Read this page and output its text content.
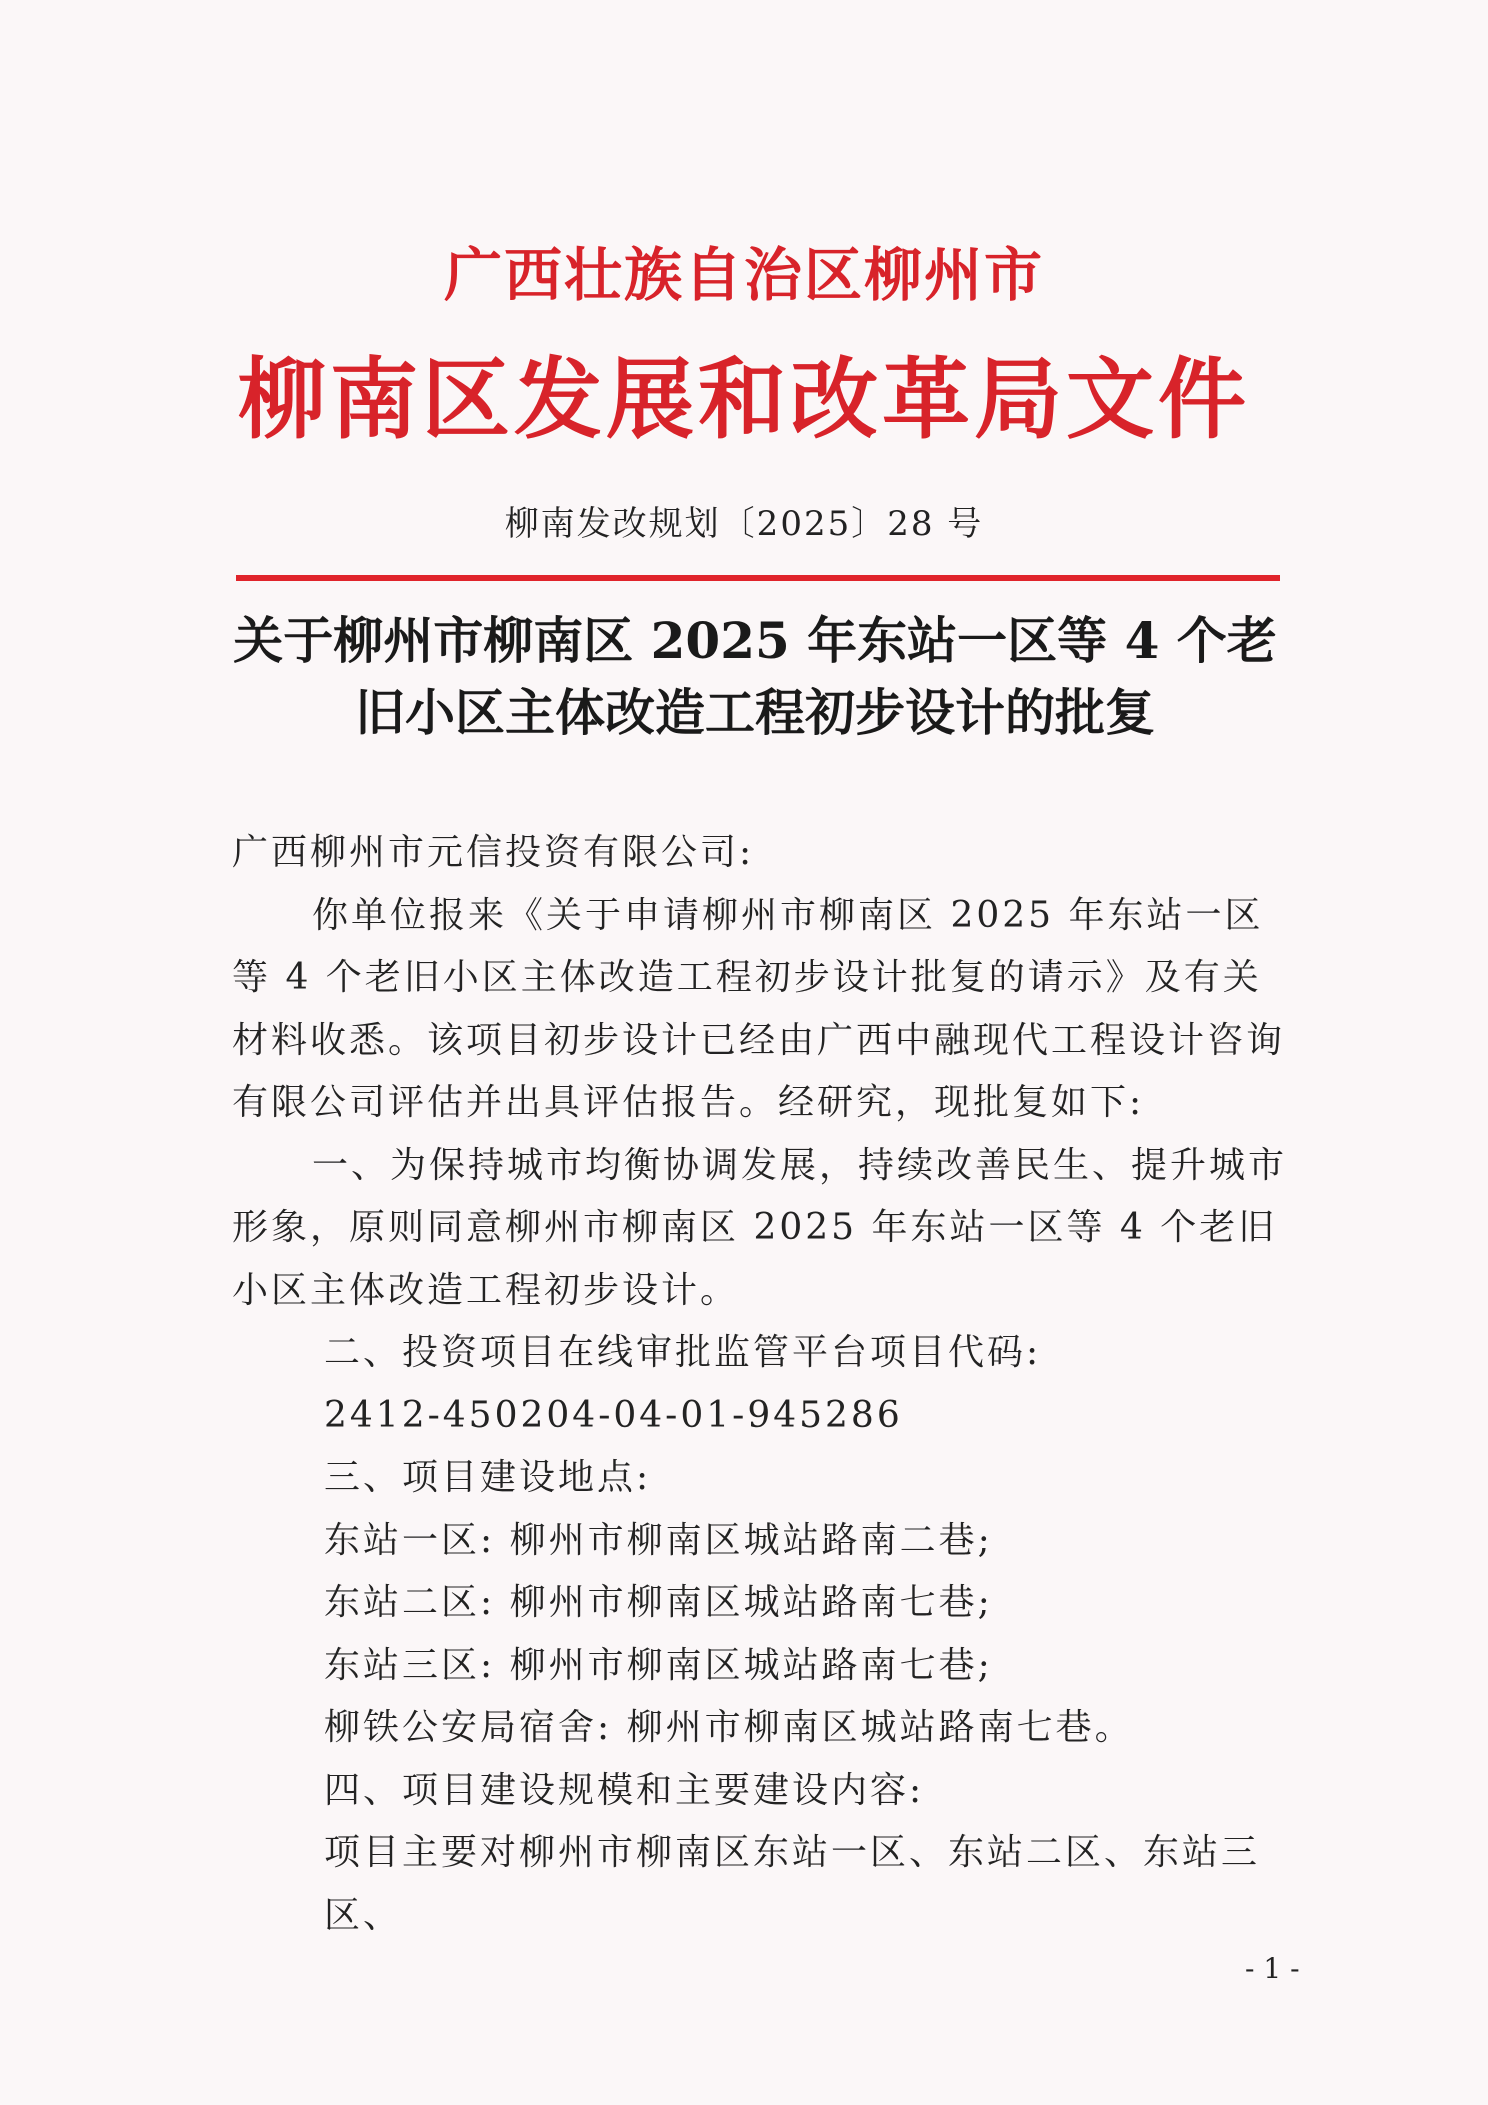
广西壮族自治区柳州市
柳南区发展和改革局文件
柳南发改规划〔2025〕28 号
关于柳州市柳南区 2025 年东站一区等 4 个老
旧小区主体改造工程初步设计的批复

广西柳州市元信投资有限公司:

你单位报来《关于申请柳州市柳南区 2025 年东站一区等 4 个老旧小区主体改造工程初步设计批复的请示》及有关材料收悉。该项目初步设计已经由广西中融现代工程设计咨询有限公司评估并出具评估报告。经研究，现批复如下:

一、为保持城市均衡协调发展，持续改善民生、提升城市形象，原则同意柳州市柳南区 2025 年东站一区等 4 个老旧小区主体改造工程初步设计。

二、投资项目在线审批监管平台项目代码:

2412-450204-04-01-945286

三、项目建设地点:

东站一区: 柳州市柳南区城站路南二巷;

东站二区: 柳州市柳南区城站路南七巷;

东站三区: 柳州市柳南区城站路南七巷;

柳铁公安局宿舍: 柳州市柳南区城站路南七巷。

四、项目建设规模和主要建设内容:

项目主要对柳州市柳南区东站一区、东站二区、东站三区、

- 1 -
